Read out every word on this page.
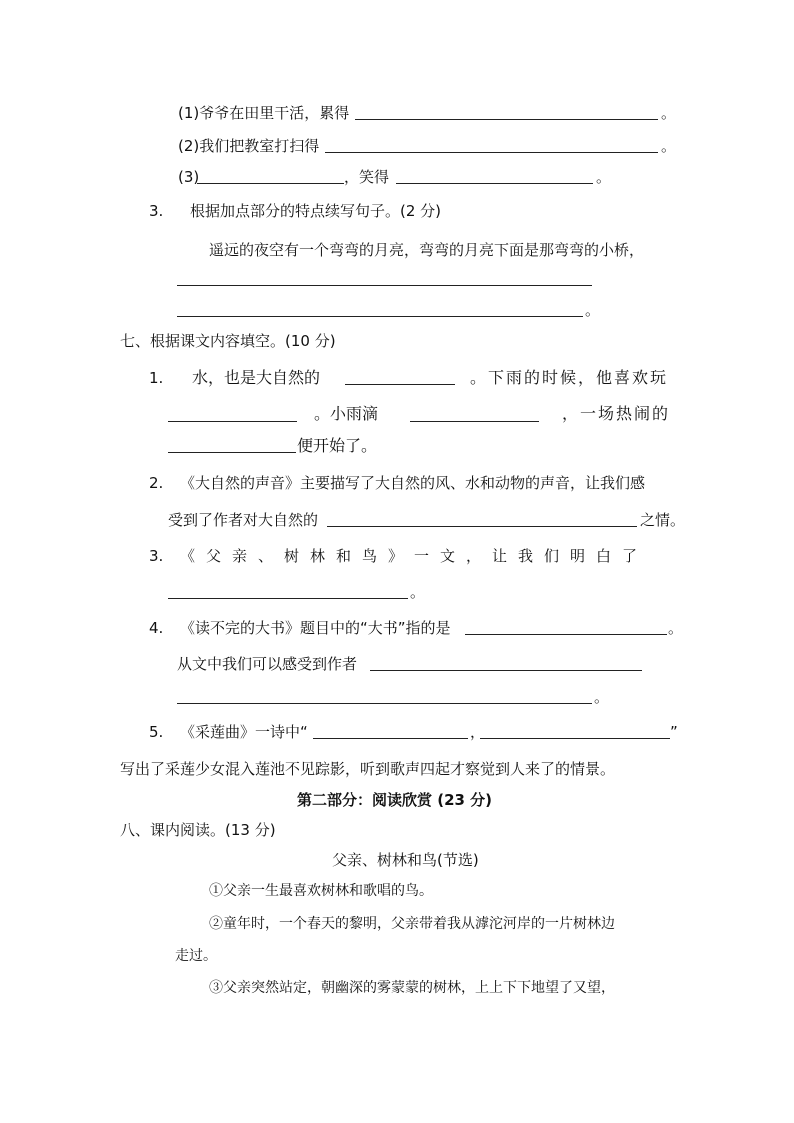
(1)爷爷在田里干活，累得	。
(2)我们把教室打扫得	。
(3)	，笑得	。
3. 根据加点部分的特点续写句子。(2 分)
遥远的夜空有一个弯弯的月亮，弯弯的月亮下面是那弯弯的小桥，
。
七、根据课文内容填空。(10 分)
1. 水，也是大自然的	。下雨的时候，他喜欢玩
。小雨滴	，一场热闹的
便开始了。
2. 《大自然的声音》主要描写了大自然的风、水和动物的声音，让我们感
受到了作者对大自然的	之情。
3. 《父亲、树林和鸟》一文，让我们明白了
。
4. 《读不完的大书》题目中的“大书”指的是	。
从文中我们可以感受到作者
。
5. 《采莲曲》一诗中“	，	”
写出了采莲少女混入莲池不见踪影，听到歌声四起才察觉到人来了的情景。
第二部分：阅读欣赏 (23 分)
八、课内阅读。(13 分)
父亲、树林和鸟(节选)
①父亲一生最喜欢树林和歌唱的鸟。
②童年时，一个春天的黎明，父亲带着我从滹沱河岸的一片树林边
走过。
③父亲突然站定，朝幽深的雾蒙蒙的树林，上上下下地望了又望，
